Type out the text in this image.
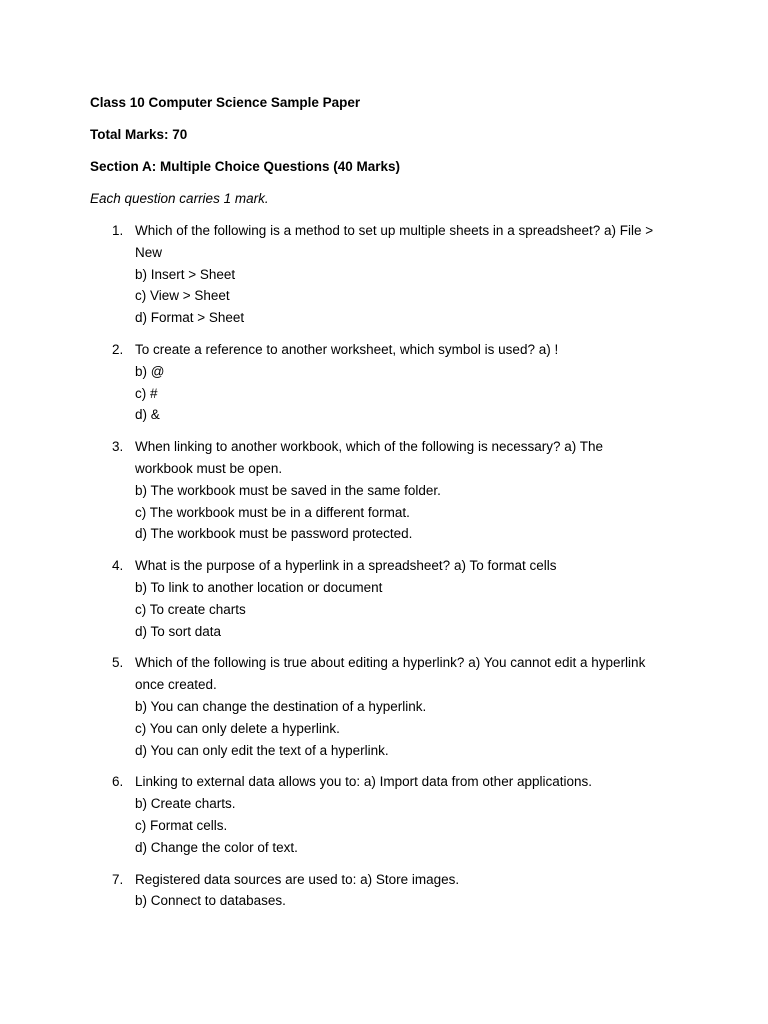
Class 10 Computer Science Sample Paper

Total Marks: 70

Section A: Multiple Choice Questions (40 Marks)

Each question carries 1 mark.

1. Which of the following is a method to set up multiple sheets in a spreadsheet? a) File >
New
b) Insert > Sheet
c) View > Sheet
d) Format > Sheet
2. To create a reference to another worksheet, which symbol is used? a) !
b) @
c) #
d) &
3. When linking to another workbook, which of the following is necessary? a) The
workbook must be open.
b) The workbook must be saved in the same folder.
c) The workbook must be in a different format.
d) The workbook must be password protected.
4. What is the purpose of a hyperlink in a spreadsheet? a) To format cells
b) To link to another location or document
c) To create charts
d) To sort data
5. Which of the following is true about editing a hyperlink? a) You cannot edit a hyperlink
once created.
b) You can change the destination of a hyperlink.
c) You can only delete a hyperlink.
d) You can only edit the text of a hyperlink.
6. Linking to external data allows you to: a) Import data from other applications.
b) Create charts.
c) Format cells.
d) Change the color of text.
7. Registered data sources are used to: a) Store images.
b) Connect to databases.
